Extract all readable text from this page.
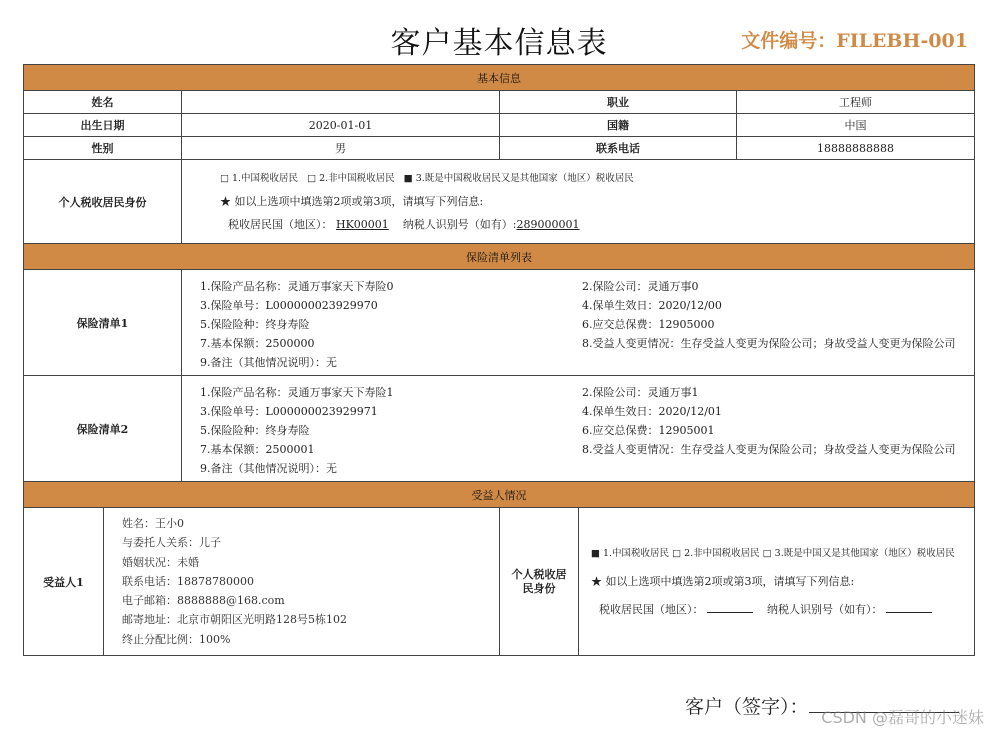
客户基本信息表	文件编号：FILEBH-001
基本信息
姓名		职业	工程师
出生日期	2020-01-01	国籍	中国
性别	男	联系电话	18888888888
个人税收居民身份	
□ 1.中国税收居民 □ 2.非中国税收居民 ■ 3.既是中国税收居民又是其他国家（地区）税收居民
★ 如以上选项中填选第2项或第3项，请填写下列信息:
税收居民国（地区）： HK00001 纳税人识别号（如有）:289000001

保险清单列表
保险清单1	
1.保险产品名称：灵通万事家天下寿险0	2.保险公司：灵通万事0
3.保险单号：L000000023929970	4.保单生效日：2020/12/00
5.保险险种：终身寿险	6.应交总保费：12905000
7.基本保额：2500000	8.受益人变更情况：生存受益人变更为保险公司；身故受益人变更为保险公司
9.备注（其他情况说明）：无	

保险清单2	
1.保险产品名称：灵通万事家天下寿险1	2.保险公司：灵通万事1
3.保险单号：L000000023929971	4.保单生效日：2020/12/01
5.保险险种：终身寿险	6.应交总保费：12905001
7.基本保额：2500001	8.受益人变更情况：生存受益人变更为保险公司；身故受益人变更为保险公司
9.备注（其他情况说明）：无	

受益人情况
受益人1	
姓名：王小0
与委托人关系：儿子
婚姻状况：未婚
联系电话：18878780000
电子邮箱：8888888@168.com
邮寄地址：北京市朝阳区光明路128号5栋102
终止分配比例：100%
	个人税收居民身份	
■ 1.中国税收居民 □ 2.非中国税收居民 □ 3.既是中国又是其他国家（地区）税收居民
★ 如以上选项中填选第2项或第3项，请填写下列信息:
税收居民国（地区）：	纳税人识别号（如有）：
客户（签字）： CSDN @磊哥的小迷妹
